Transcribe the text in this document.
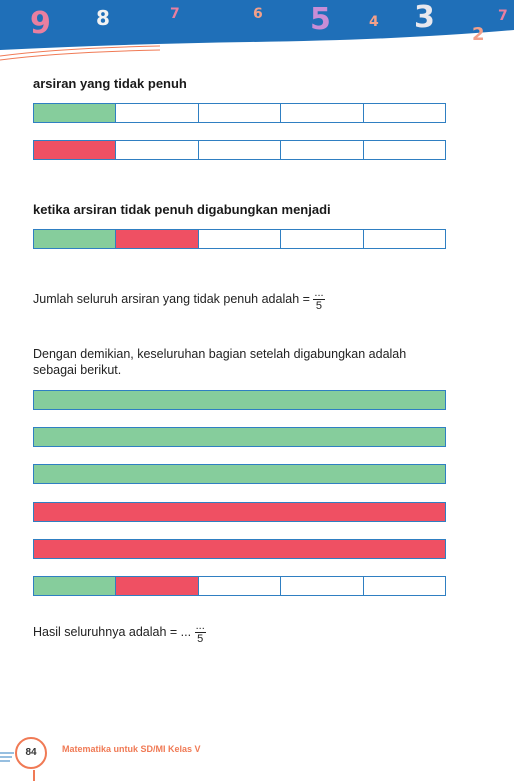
9 8	7	6 5	4 3 2
7

arsiran yang tidak penuh

ketika arsiran tidak penuh digabungkan menjadi

Jumlah seluruh arsiran yang tidak penuh adalah = $\frac{...}{5}$
Dengan demikian, keseluruhan bagian setelah digabungkan adalah sebagai berikut.
Hasil seluruhnya adalah = ... $\frac{...}{5}$
84	Matematika untuk SD/MI Kelas V
